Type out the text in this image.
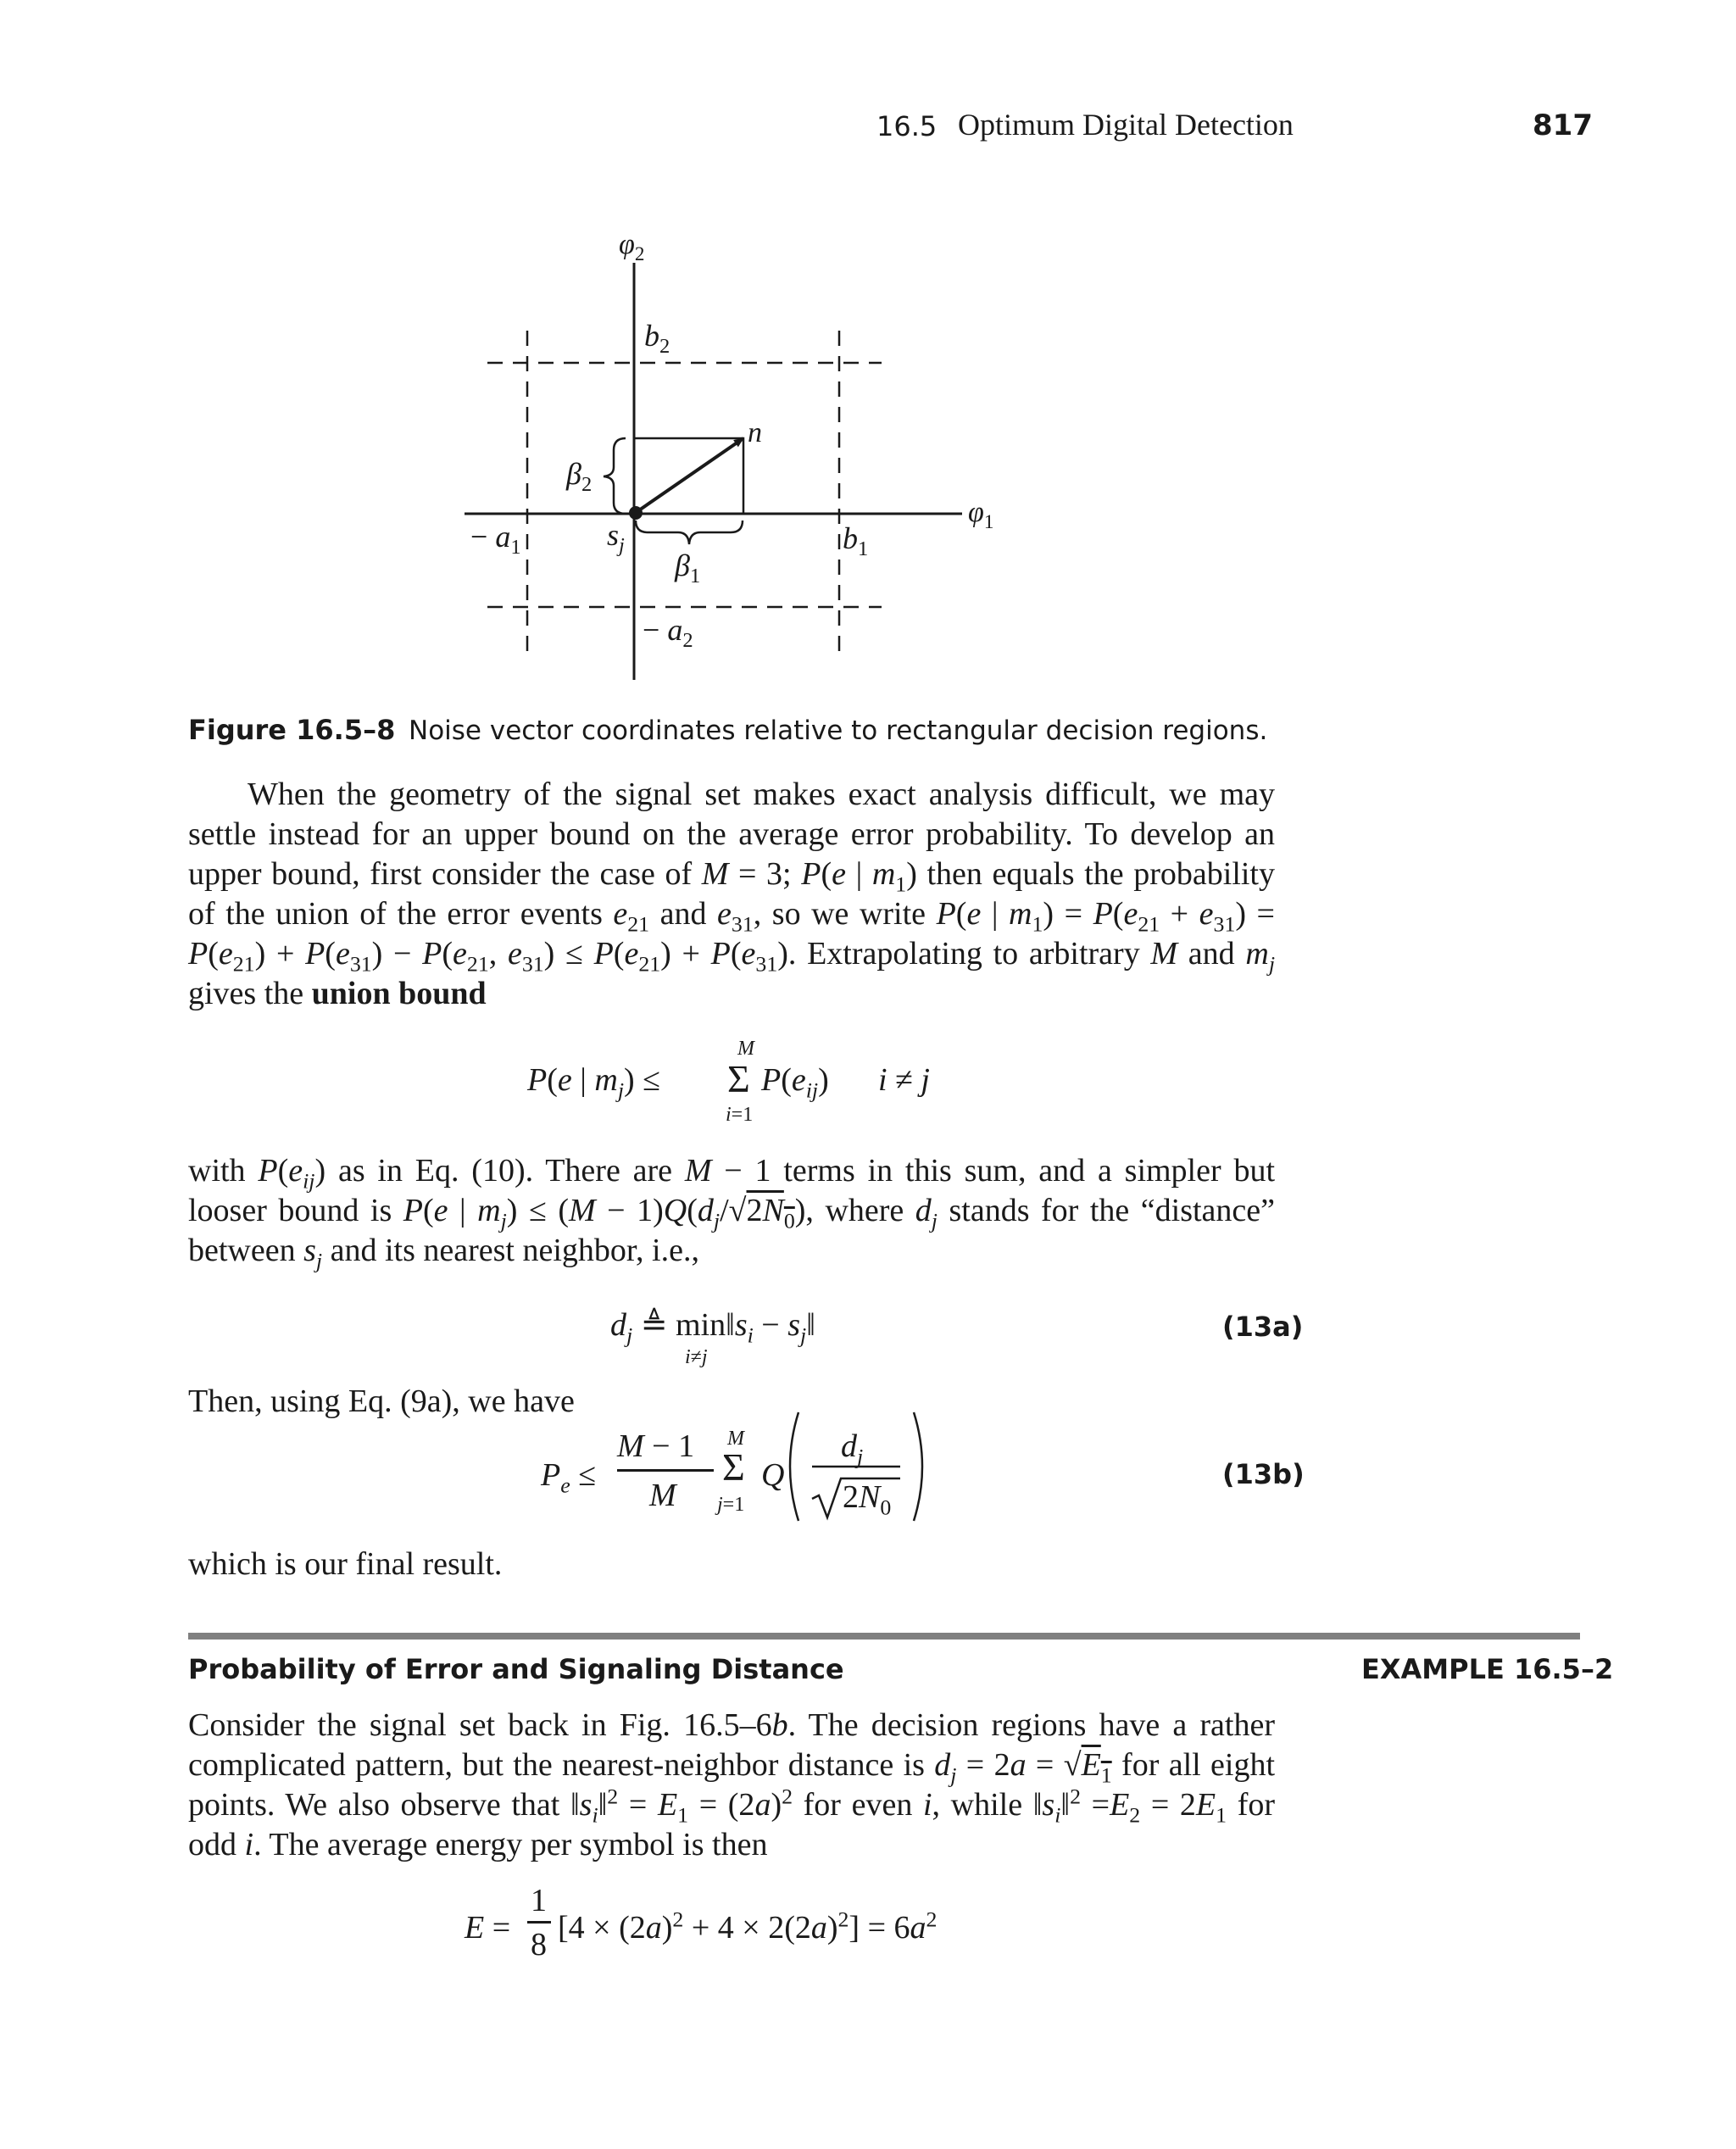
16.5 Optimum Digital Detection	817
$\varphi_2$
$b_2$
n
$\beta_2$
$\varphi_1$
− $a_1$	$s_j$	$b_1$
$\beta_1$
− $a_2$
Figure 16.5–8 Noise vector coordinates relative to rectangular decision regions.

When the geometry of the signal set makes exact analysis difficult, we may settle instead for an upper bound on the average error probability. To develop an upper bound, first consider the case of M = 3; P(e | $m_1$) then equals the probability of the union of the error events $e_{21}$ and $e_{31}$, so we write P(e | $m_1) = P(e_{21} + e_{31}) = P(e_{21}) + P(e_{31}) - P(e_{21}$, $e_{31}) \le P(e_{21}) + P(e_{31})$. Extrapolating to arbitrary M and $m_j$ gives the union bound

P(e | $m_j$) ≤
M
Σ
i=1
$P(e_{ij}) i \ne j$

with $P(e_{ij})$ as in Eq. (10). There are M − 1 terms in this sum, and a simpler but looser bound is P(e | $m_j) \le (M - 1)Q(d_j/√2N_0)$, where $d_j$ stands for the “distance” between $s_j$ and its nearest neighbor, i.e.,

$d_j$ ≜ $\min‖s_i$ − $s_j‖$
i≠j
(13a)
Then, using Eq. (9a), we have
$P_e$ ≤
M − 1
M
M
Σ
j=1
Q
$d_j$
$2N_0$
(13b)
which is our final result.
Probability of Error and Signaling Distance	EXAMPLE 16.5–2

Consider the signal set back in Fig. 16.5–6b. The decision regions have a rather complicated pattern, but the nearest-neighbor distance is $d_j = 2a = √E_1$ for all eight points. We also observe that $‖s_i‖^2 = E_1 = (2a)^2$ for even i, while $‖s_i‖^2 =E_2 = 2E_1$ for odd i. The average energy per symbol is then

E =
1
8 $[4 \times (2a)^2 + 4 \times 2(2a)^2] = 6a^2$
